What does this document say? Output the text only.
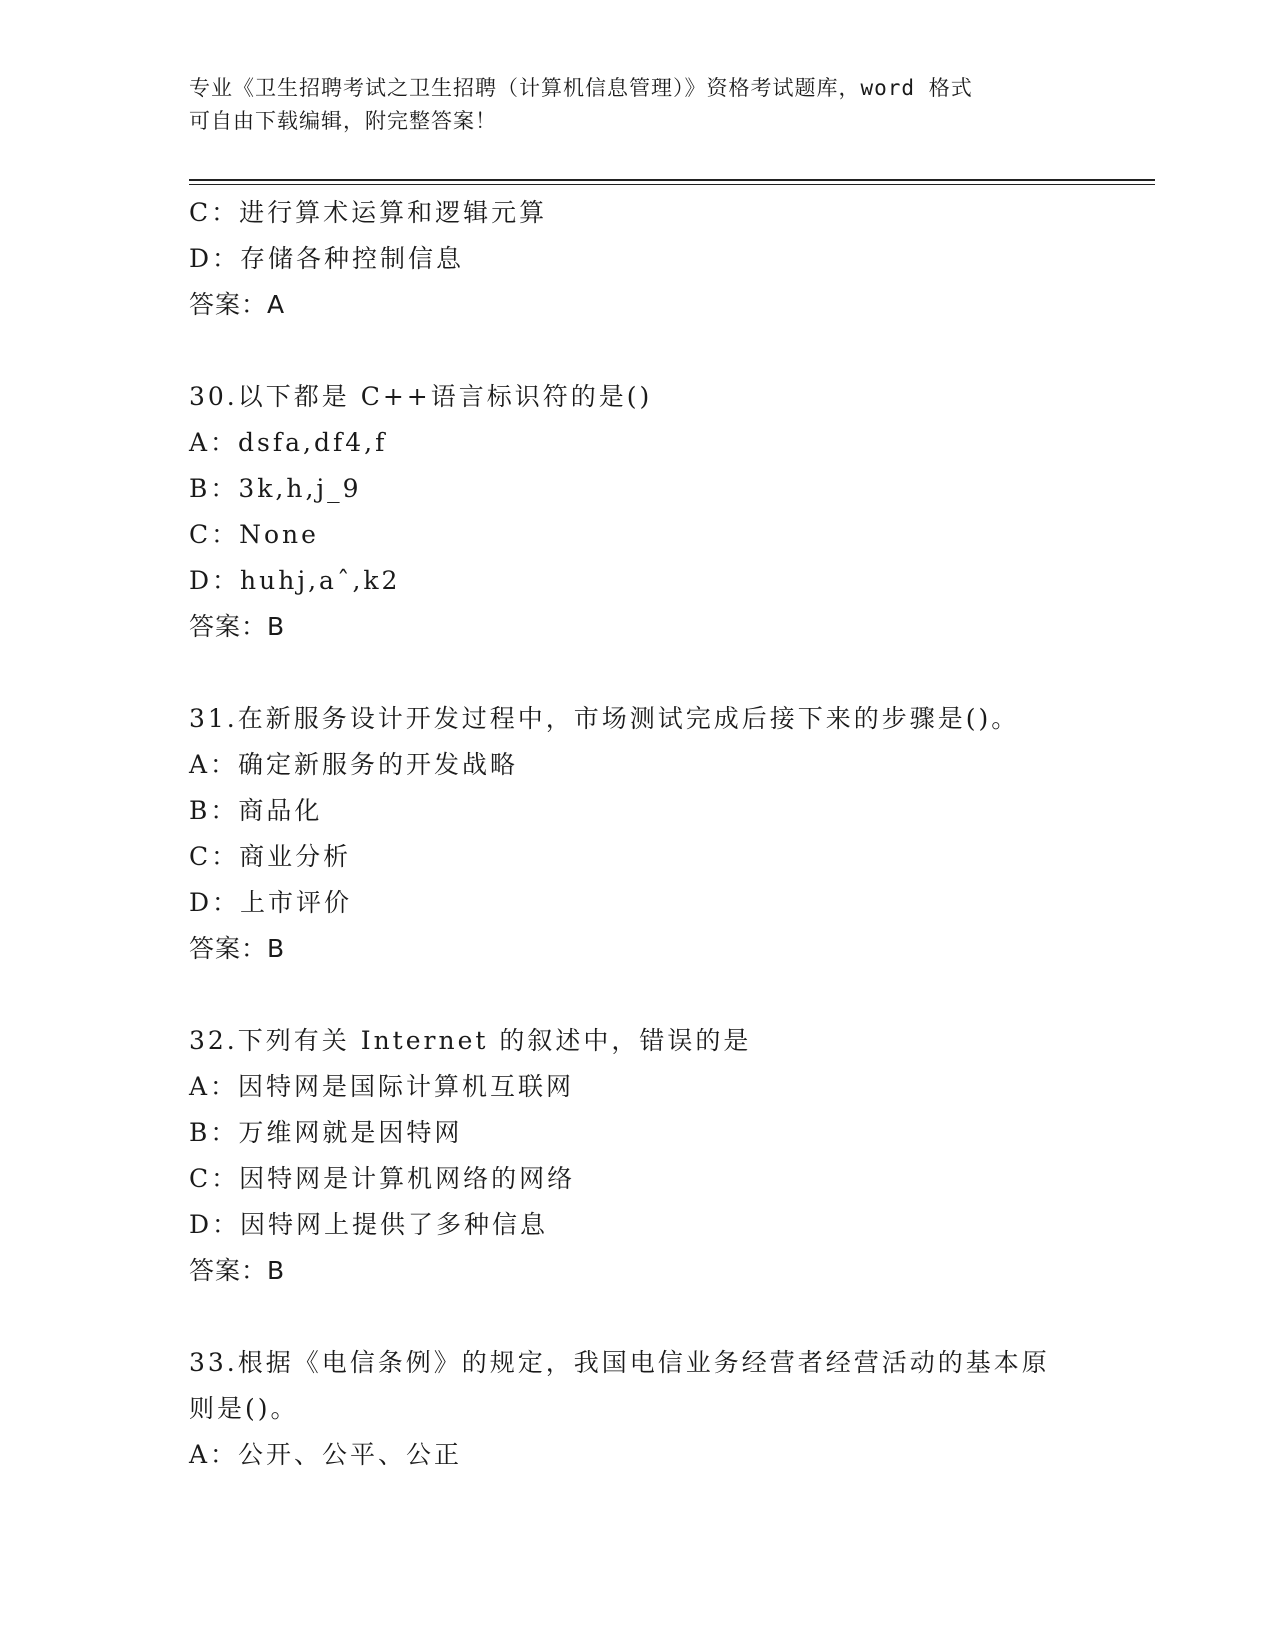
专业《卫生招聘考试之卫生招聘（计算机信息管理）》资格考试题库，word 格式
可自由下载编辑，附完整答案！
C：进行算术运算和逻辑元算
D：存储各种控制信息
答案：A
30.以下都是 C++语言标识符的是()
A：dsfa,df4,f
B：3k,h,j_9
C：None
D：huhj,aˆ,k2
答案：B
31.在新服务设计开发过程中，市场测试完成后接下来的步骤是()。
A：确定新服务的开发战略
B：商品化
C：商业分析
D：上市评价
答案：B
32.下列有关 Internet 的叙述中，错误的是
A：因特网是国际计算机互联网
B：万维网就是因特网
C：因特网是计算机网络的网络
D：因特网上提供了多种信息
答案：B
33.根据《电信条例》的规定，我国电信业务经营者经营活动的基本原
则是()。
A：公开、公平、公正
